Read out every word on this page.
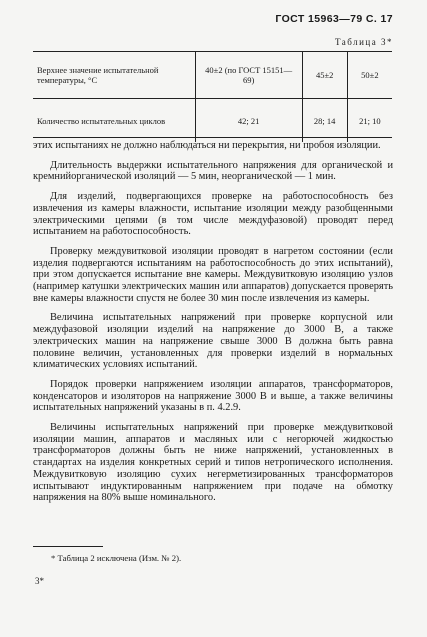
ГОСТ 15963—79 С. 17
Таблица 3*
Верхнее значение испытательной температуры, °С	40±2 (по ГОСТ 15151—69)	45±2	50±2
Количество испытательных циклов	42; 21	28; 14	21; 10

этих испытаниях не должно наблюдаться ни перекрытия, ни пробоя изоляции.

Длительность выдержки испытательного напряжения для органической и кремнийорганической изоляций — 5 мин, неорганической — 1 мин.

Для изделий, подвергающихся проверке на работоспособность без извлечения из камеры влажности, испытание изоляции между разобщенными электрическими цепями (в том числе междуфазовой) проводят перед испытанием на работоспособность.

Проверку междувитковой изоляции проводят в нагретом состоянии (если изделия подвергаются испытаниям на работоспособность до этих испытаний), при этом допускается испытание вне камеры. Междувитковую изоляцию узлов (например катушки электрических машин или аппаратов) допускается проверять вне камеры влажности спустя не более 30 мин после извлечения из камеры.

Величина испытательных напряжений при проверке корпусной или междуфазовой изоляции изделий на напряжение до 3000 В, а также электрических машин на напряжение свыше 3000 В должна быть равна половине величин, установленных для проверки изделий в нормальных климатических условиях испытаний.

Порядок проверки напряжением изоляции аппаратов, трансформаторов, конденсаторов и изоляторов на напряжение 3000 В и выше, а также величины испытательных напряжений указаны в п. 4.2.9.

Величины испытательных напряжений при проверке междувитковой изоляции машин, аппаратов и масляных или с негорючей жидкостью трансформаторов должны быть не ниже напряжений, установленных в стандартах на изделия конкретных серий и типов нетропического исполнения. Междувитковую изоляцию сухих негерметизированных трансформаторов испытывают индуктированным напряжением при подаче на обмотку напряжения на 80% выше номинального.

* Таблица 2 исключена (Изм. № 2).
3*
